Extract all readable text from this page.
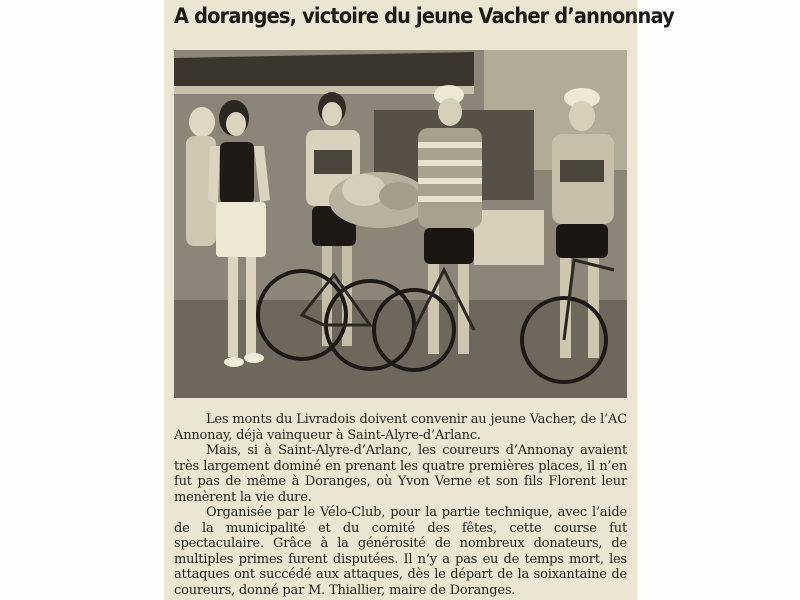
A doranges, victoire du jeune Vacher d’annonnay

Les monts du Livradois doivent convenir au jeune Vacher, de l’AC Annonay, déjà vainqueur à Saint-Alyre-d’Arlanc.

Mais, si à Saint-Alyre-d’Arlanc, les coureurs d’Annonay avaient très largement dominé en prenant les quatre premières places, il n’en fut pas de même à Doranges, où Yvon Verne et son fils Florent leur menèrent la vie dure.

Organisée par le Vélo-Club, pour la partie technique, avec l’aide de la municipalité et du comité des fêtes, cette course fut spectaculaire. Grâce à la générosité de nombreux donateurs, de multiples primes furent disputées. Il n’y a pas eu de temps mort, les attaques ont succédé aux attaques, dès le départ de la soixantaine de coureurs, donné par M. Thiallier, maire de Doranges.
